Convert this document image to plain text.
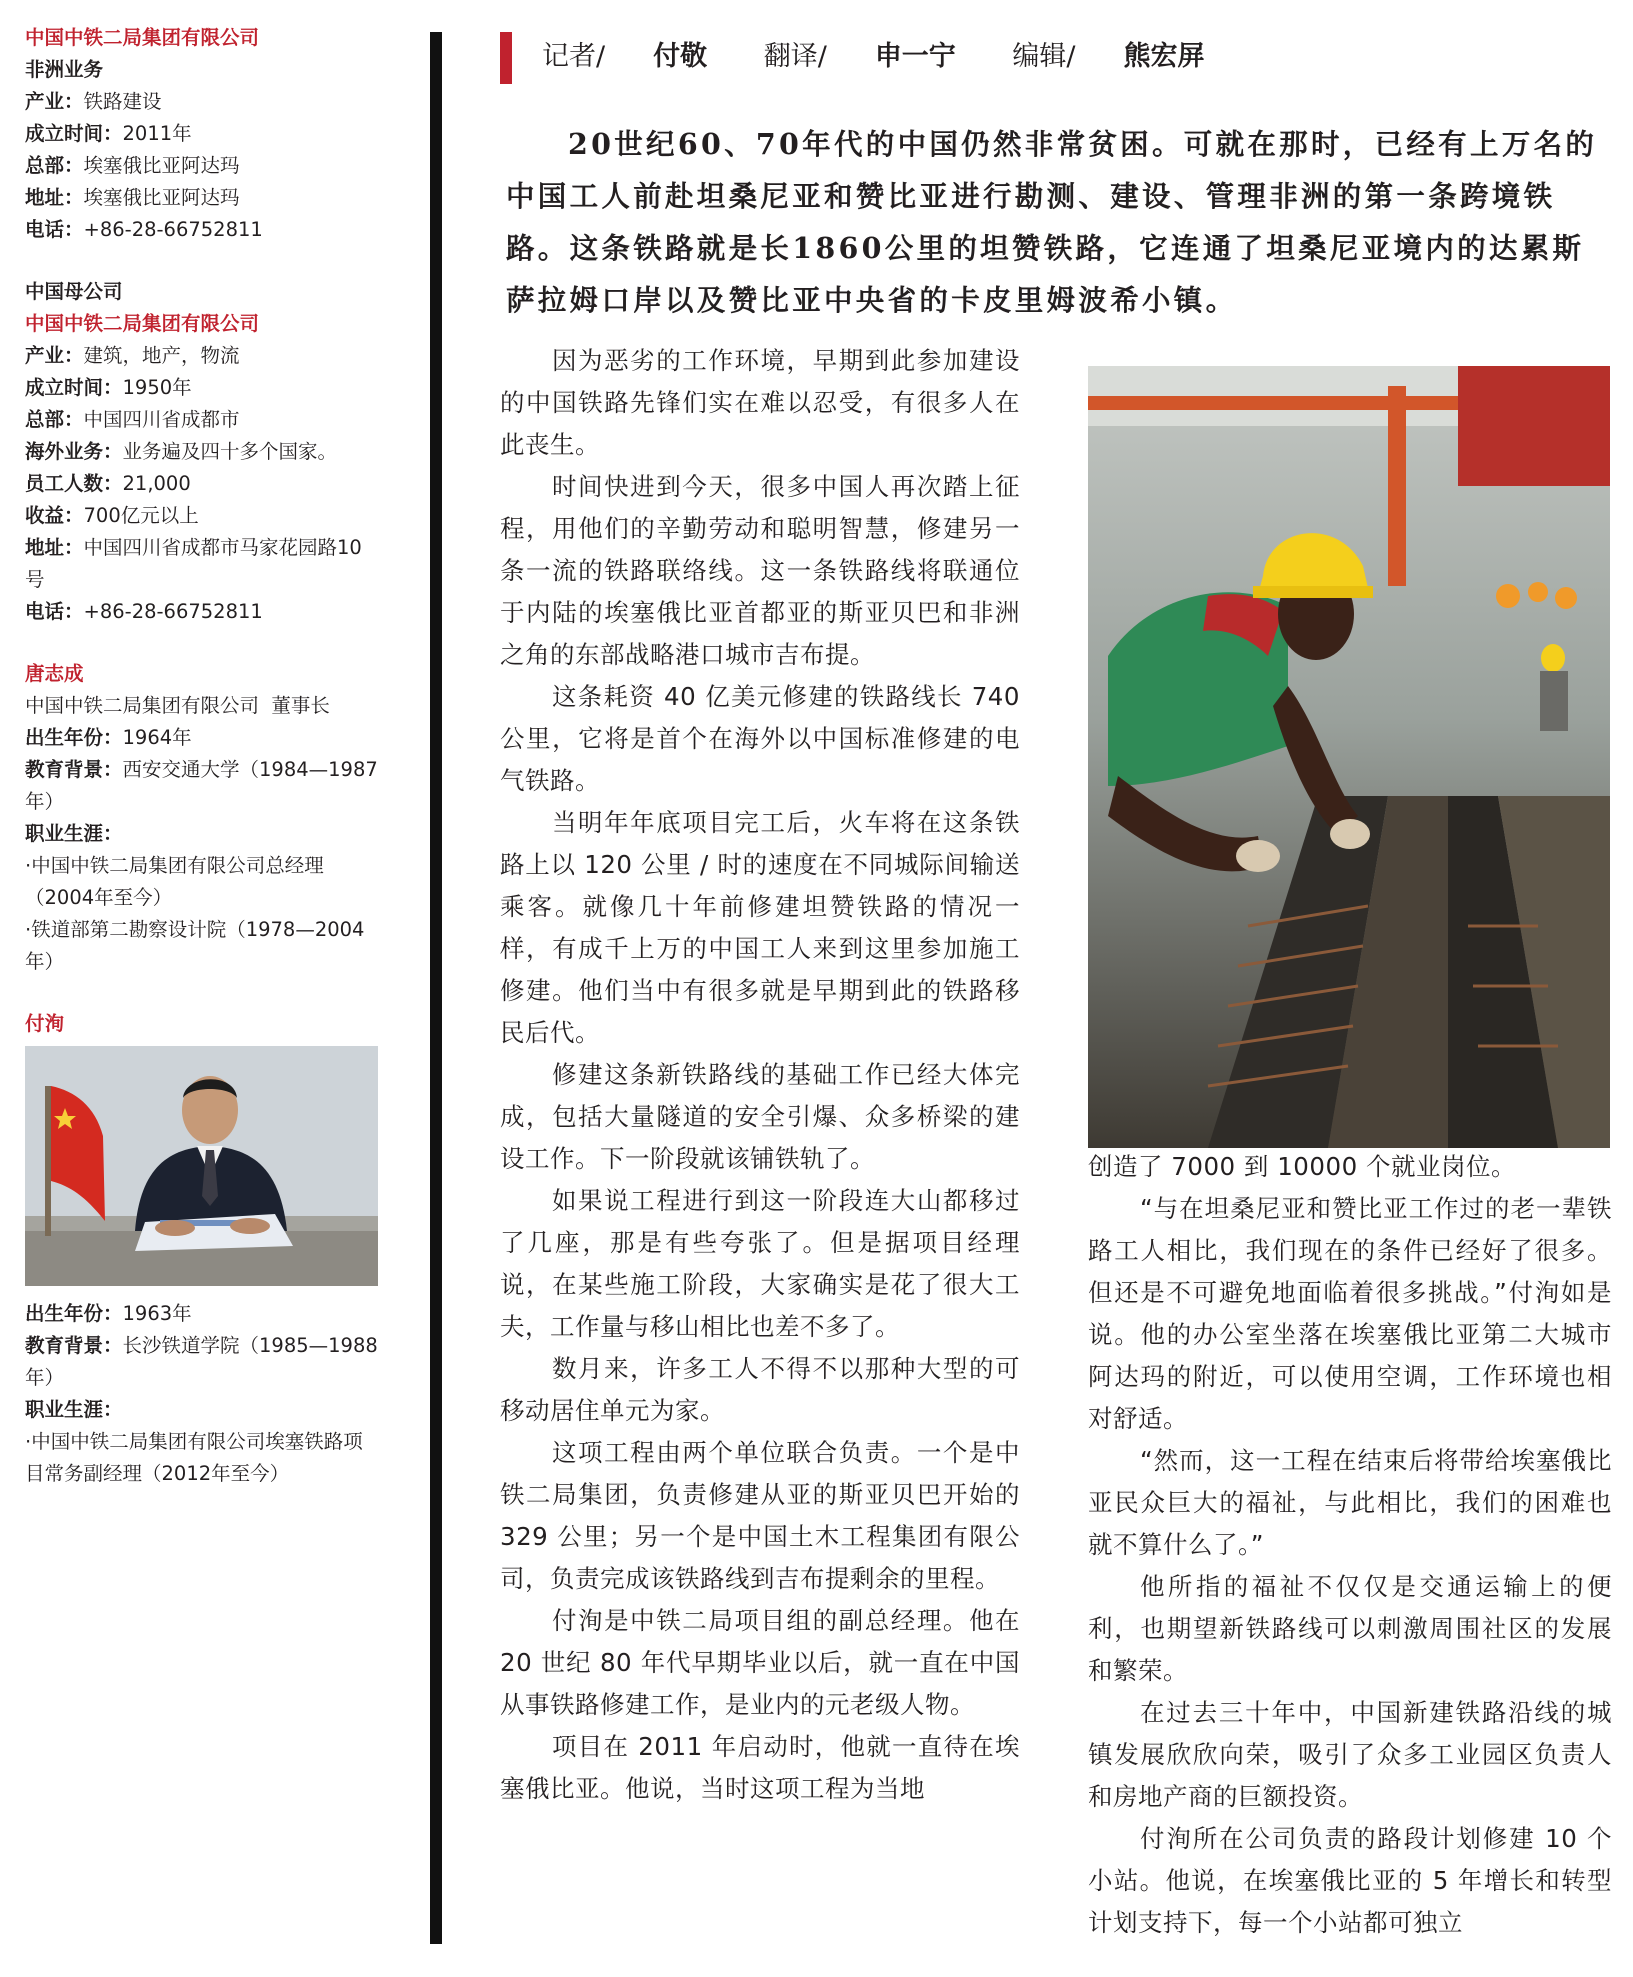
中国中铁二局集团有限公司
非洲业务
产业：铁路建设
成立时间：2011年
总部：埃塞俄比亚阿达玛
地址：埃塞俄比亚阿达玛
电话：+86-28-66752811
中国母公司
中国中铁二局集团有限公司
产业：建筑，地产，物流
成立时间：1950年
总部：中国四川省成都市
海外业务：业务遍及四十多个国家。
员工人数：21,000
收益：700亿元以上
地址：中国四川省成都市马家花园路10号
电话：+86-28-66752811
唐志成
中国中铁二局集团有限公司  董事长
出生年份：1964年
教育背景：西安交通大学（1984—1987年）
职业生涯：
·中国中铁二局集团有限公司总经理（2004年至今）
·铁道部第二勘察设计院（1978—2004年）
付洵
出生年份：1963年
教育背景：长沙铁道学院（1985—1988年）
职业生涯：
·中国中铁二局集团有限公司埃塞铁路项目常务副经理（2012年至今）
记者/ 付敬 翻译/ 申一宁 编辑/ 熊宏屏
20世纪60、70年代的中国仍然非常贫困。可就在那时，已经有上万名的中国工人前赴坦桑尼亚和赞比亚进行勘测、建设、管理非洲的第一条跨境铁路。这条铁路就是长1860公里的坦赞铁路，它连通了坦桑尼亚境内的达累斯萨拉姆口岸以及赞比亚中央省的卡皮里姆波希小镇。

因为恶劣的工作环境，早期到此参加建设的中国铁路先锋们实在难以忍受，有很多人在此丧生。

时间快进到今天，很多中国人再次踏上征程，用他们的辛勤劳动和聪明智慧，修建另一条一流的铁路联络线。这一条铁路线将联通位于内陆的埃塞俄比亚首都亚的斯亚贝巴和非洲之角的东部战略港口城市吉布提。

这条耗资 40 亿美元修建的铁路线长 740 公里，它将是首个在海外以中国标准修建的电气铁路。

当明年年底项目完工后，火车将在这条铁路上以 120 公里 / 时的速度在不同城际间输送乘客。就像几十年前修建坦赞铁路的情况一样，有成千上万的中国工人来到这里参加施工修建。他们当中有很多就是早期到此的铁路移民后代。

修建这条新铁路线的基础工作已经大体完成，包括大量隧道的安全引爆、众多桥梁的建设工作。下一阶段就该铺铁轨了。

如果说工程进行到这一阶段连大山都移过了几座，那是有些夸张了。但是据项目经理说，在某些施工阶段，大家确实是花了很大工夫，工作量与移山相比也差不多了。

数月来，许多工人不得不以那种大型的可移动居住单元为家。

这项工程由两个单位联合负责。一个是中铁二局集团，负责修建从亚的斯亚贝巴开始的 329 公里；另一个是中国土木工程集团有限公司，负责完成该铁路线到吉布提剩余的里程。

付洵是中铁二局项目组的副总经理。他在 20 世纪 80 年代早期毕业以后，就一直在中国从事铁路修建工作，是业内的元老级人物。

项目在 2011 年启动时，他就一直待在埃塞俄比亚。他说，当时这项工程为当地

创造了 7000 到 10000 个就业岗位。

“与在坦桑尼亚和赞比亚工作过的老一辈铁路工人相比，我们现在的条件已经好了很多。但还是不可避免地面临着很多挑战。”付洵如是说。他的办公室坐落在埃塞俄比亚第二大城市阿达玛的附近，可以使用空调，工作环境也相对舒适。

“然而，这一工程在结束后将带给埃塞俄比亚民众巨大的福祉，与此相比，我们的困难也就不算什么了。”

他所指的福祉不仅仅是交通运输上的便利，也期望新铁路线可以刺激周围社区的发展和繁荣。

在过去三十年中，中国新建铁路沿线的城镇发展欣欣向荣，吸引了众多工业园区负责人和房地产商的巨额投资。

付洵所在公司负责的路段计划修建 10 个小站。他说，在埃塞俄比亚的 5 年增长和转型计划支持下，每一个小站都可独立
